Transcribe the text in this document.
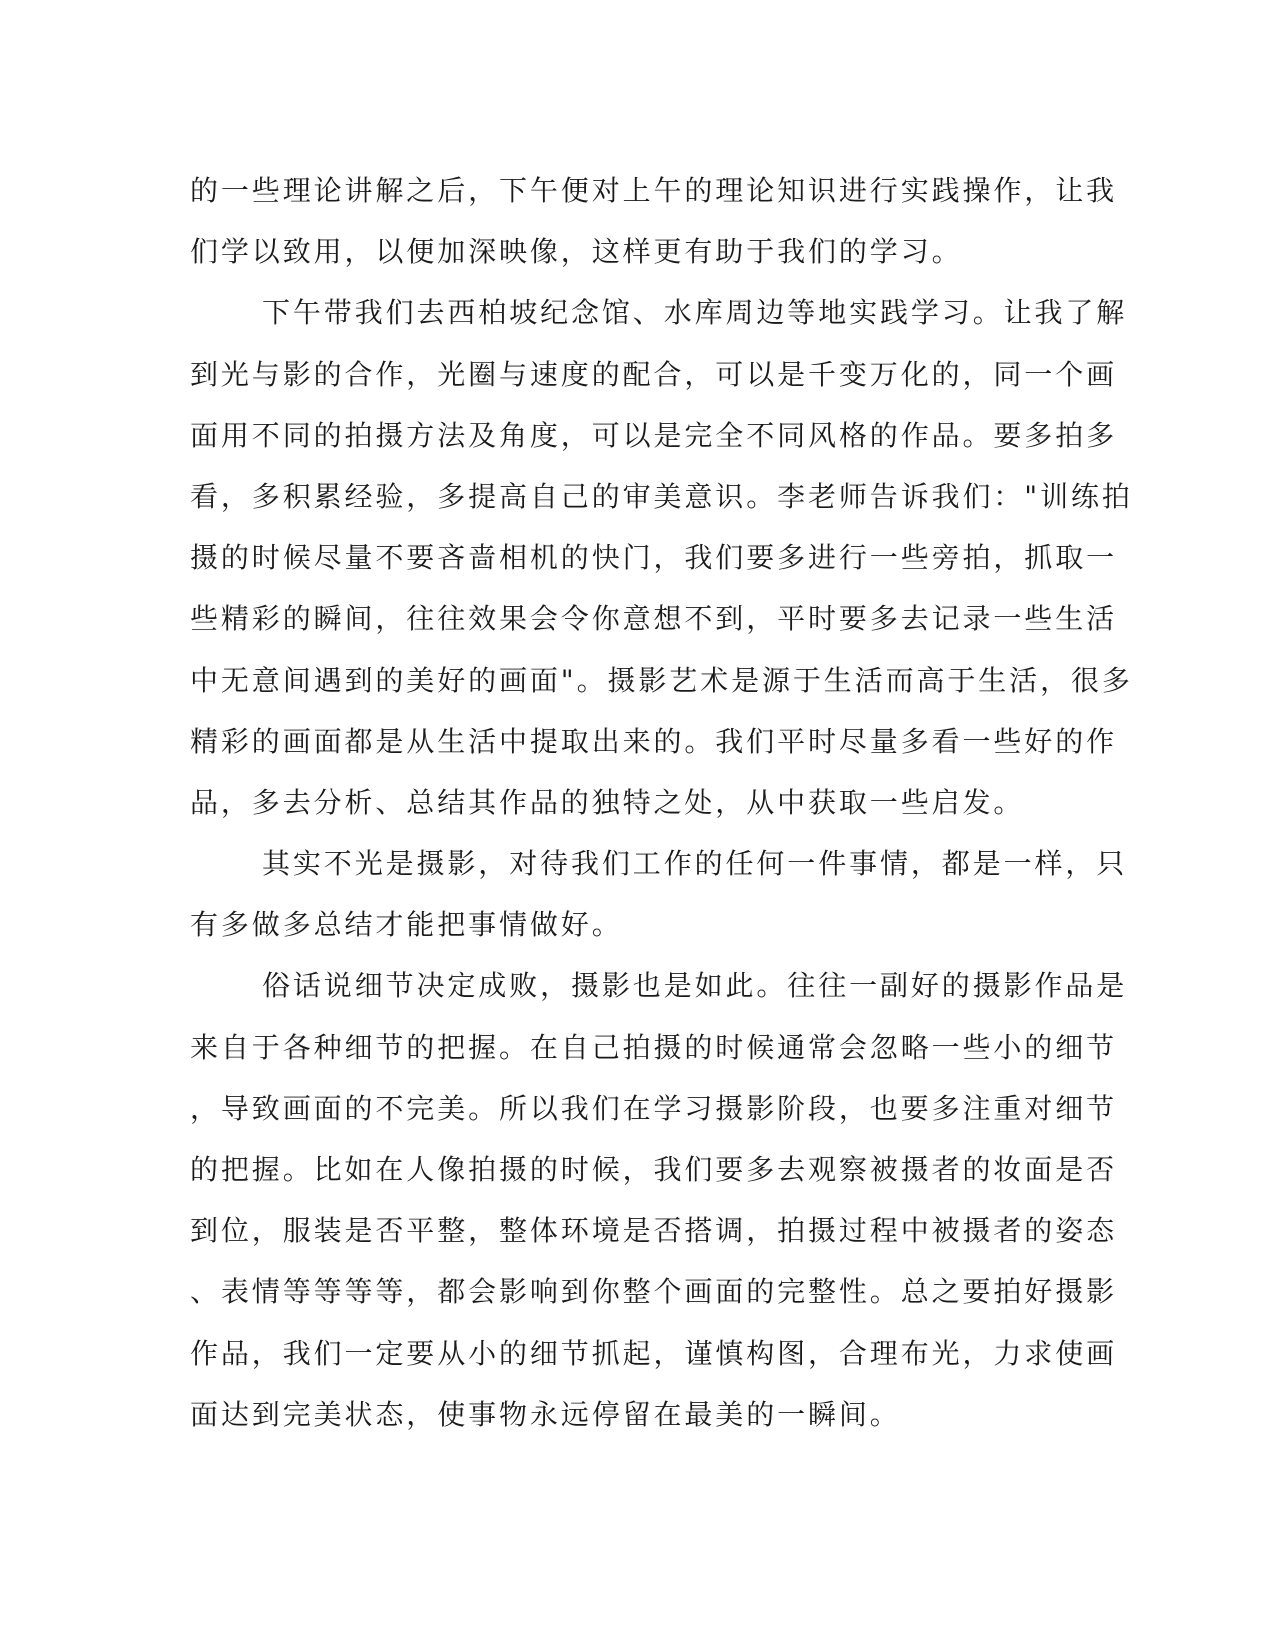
的一些理论讲解之后，下午便对上午的理论知识进行实践操作，让我
们学以致用，以便加深映像，这样更有助于我们的学习。
下午带我们去西柏坡纪念馆、水库周边等地实践学习。让我了解
到光与影的合作，光圈与速度的配合，可以是千变万化的，同一个画
面用不同的拍摄方法及角度，可以是完全不同风格的作品。要多拍多
看，多积累经验，多提高自己的审美意识。李老师告诉我们："训练拍
摄的时候尽量不要吝啬相机的快门，我们要多进行一些旁拍，抓取一
些精彩的瞬间，往往效果会令你意想不到，平时要多去记录一些生活
中无意间遇到的美好的画面"。摄影艺术是源于生活而高于生活，很多
精彩的画面都是从生活中提取出来的。我们平时尽量多看一些好的作
品，多去分析、总结其作品的独特之处，从中获取一些启发。
其实不光是摄影，对待我们工作的任何一件事情，都是一样，只
有多做多总结才能把事情做好。
俗话说细节决定成败，摄影也是如此。往往一副好的摄影作品是
来自于各种细节的把握。在自己拍摄的时候通常会忽略一些小的细节
，导致画面的不完美。所以我们在学习摄影阶段，也要多注重对细节
的把握。比如在人像拍摄的时候，我们要多去观察被摄者的妆面是否
到位，服装是否平整，整体环境是否搭调，拍摄过程中被摄者的姿态
、表情等等等等，都会影响到你整个画面的完整性。总之要拍好摄影
作品，我们一定要从小的细节抓起，谨慎构图，合理布光，力求使画
面达到完美状态，使事物永远停留在最美的一瞬间。
